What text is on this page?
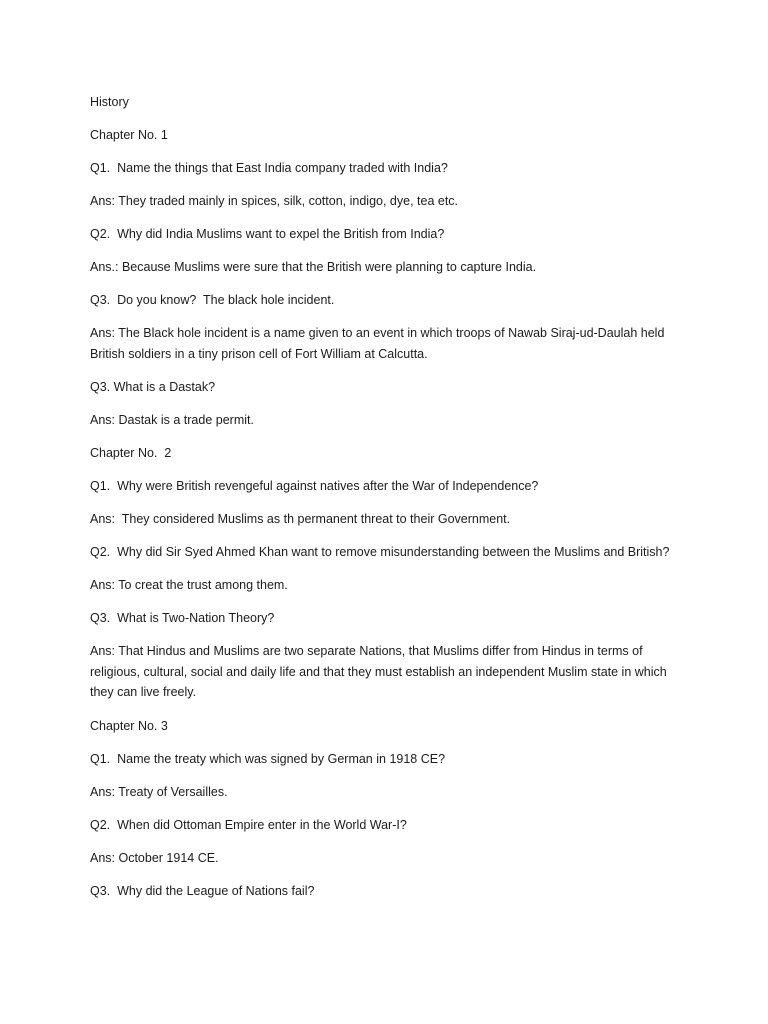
History

Chapter No. 1

Q1.  Name the things that East India company traded with India?

Ans: They traded mainly in spices, silk, cotton, indigo, dye, tea etc.

Q2.  Why did India Muslims want to expel the British from India?

Ans.: Because Muslims were sure that the British were planning to capture India.

Q3.  Do you know?  The black hole incident.

Ans: The Black hole incident is a name given to an event in which troops of Nawab Siraj-ud-Daulah held British soldiers in a tiny prison cell of Fort William at Calcutta.

Q3. What is a Dastak?

Ans: Dastak is a trade permit.

Chapter No.  2

Q1.  Why were British revengeful against natives after the War of Independence?

Ans:  They considered Muslims as th permanent threat to their Government.

Q2.  Why did Sir Syed Ahmed Khan want to remove misunderstanding between the Muslims and British?

Ans: To creat the trust among them.

Q3.  What is Two-Nation Theory?

Ans: That Hindus and Muslims are two separate Nations, that Muslims differ from Hindus in terms of religious, cultural, social and daily life and that they must establish an independent Muslim state in which they can live freely.

Chapter No. 3

Q1.  Name the treaty which was signed by German in 1918 CE?

Ans: Treaty of Versailles.

Q2.  When did Ottoman Empire enter in the World War-I?

Ans: October 1914 CE.

Q3.  Why did the League of Nations fail?
